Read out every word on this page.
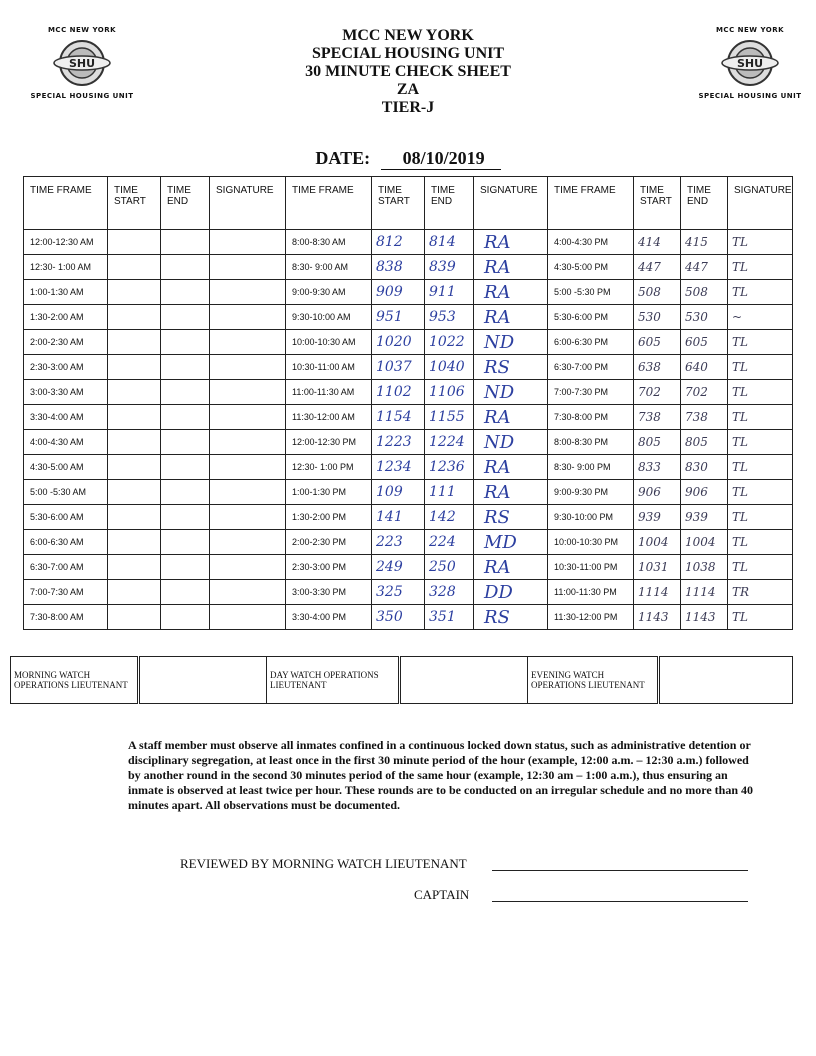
MCC NEW YORK
SHU
SPECIAL HOUSING UNIT
MCC NEW YORK
SHU
SPECIAL HOUSING UNIT
MCC NEW YORK
SPECIAL HOUSING UNIT
30 MINUTE CHECK SHEET
ZA
TIER-J
DATE: 08/10/2019
TIME FRAME	TIME START	TIME END	SIGNATURE	TIME FRAME	TIME START	TIME END	SIGNATURE	TIME FRAME	TIME START	TIME END	SIGNATURE
12:00-12:30 AM				8:00-8:30 AM	812	814	RA	4:00-4:30 PM	414	415	TL
12:30- 1:00 AM				8:30- 9:00 AM	838	839	RA	4:30-5:00 PM	447	447	TL
1:00-1:30 AM				9:00-9:30 AM	909	911	RA	5:00 -5:30 PM	508	508	TL
1:30-2:00 AM				9:30-10:00 AM	951	953	RA	5:30-6:00 PM	530	530	~
2:00-2:30 AM				10:00-10:30 AM	1020	1022	ND	6:00-6:30 PM	605	605	TL
2:30-3:00 AM				10:30-11:00 AM	1037	1040	RS	6:30-7:00 PM	638	640	TL
3:00-3:30 AM				11:00-11:30 AM	1102	1106	ND	7:00-7:30 PM	702	702	TL
3:30-4:00 AM				11:30-12:00 AM	1154	1155	RA	7:30-8:00 PM	738	738	TL
4:00-4:30 AM				12:00-12:30 PM	1223	1224	ND	8:00-8:30 PM	805	805	TL
4:30-5:00 AM				12:30- 1:00 PM	1234	1236	RA	8:30- 9:00 PM	833	830	TL
5:00 -5:30 AM				1:00-1:30 PM	109	111	RA	9:00-9:30 PM	906	906	TL
5:30-6:00 AM				1:30-2:00 PM	141	142	RS	9:30-10:00 PM	939	939	TL
6:00-6:30 AM				2:00-2:30 PM	223	224	MD	10:00-10:30 PM	1004	1004	TL
6:30-7:00 AM				2:30-3:00 PM	249	250	RA	10:30-11:00 PM	1031	1038	TL
7:00-7:30 AM				3:00-3:30 PM	325	328	DD	11:00-11:30 PM	1114	1114	TR
7:30-8:00 AM				3:30-4:00 PM	350	351	RS	11:30-12:00 PM	1143	1143	TL
MORNING WATCH OPERATIONS LIEUTENANT		DAY WATCH OPERATIONS LIEUTENANT		EVENING WATCH OPERATIONS LIEUTENANT	
A staff member must observe all inmates confined in a continuous locked down status, such as administrative detention or disciplinary segregation, at least once in the first 30 minute period of the hour (example, 12:00 a.m. – 12:30 a.m.) followed by another round in the second 30 minutes period of the same hour (example, 12:30 am – 1:00 a.m.), thus ensuring an inmate is observed at least twice per hour. These rounds are to be conducted on an irregular schedule and no more than 40 minutes apart. All observations must be documented.
REVIEWED BY MORNING WATCH LIEUTENANT
CAPTAIN
